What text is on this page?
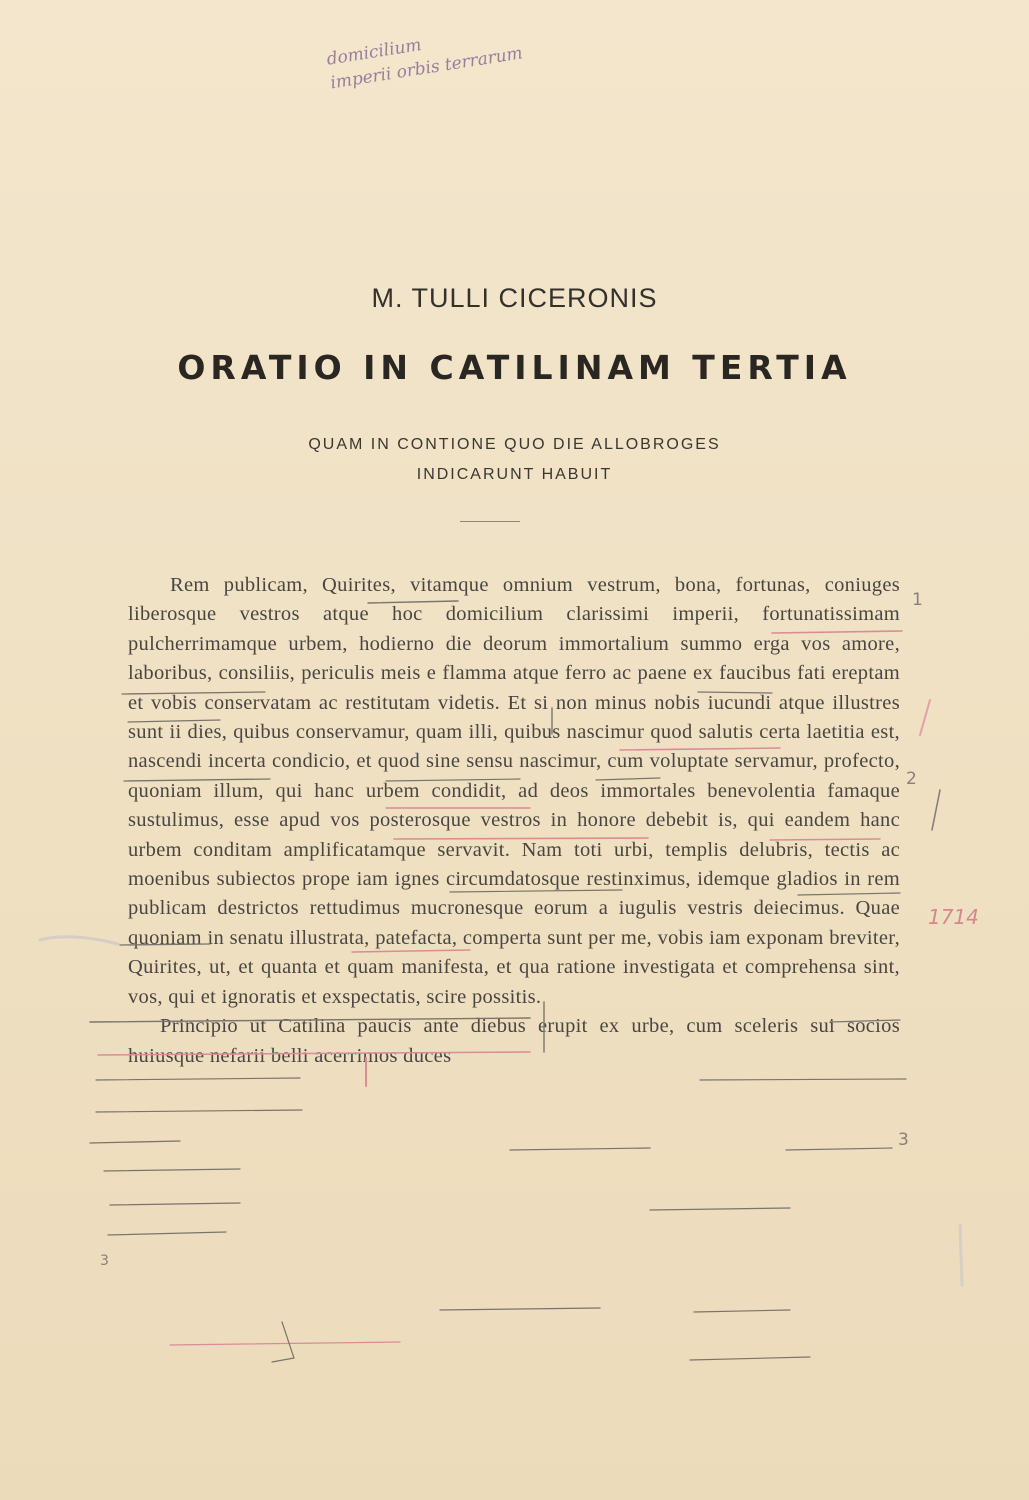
domicilium
imperii orbis terrarum
M. TULLI CICERONIS
ORATIO IN CATILINAM TERTIA
QUAM IN CONTIONE QUO DIE ALLOBROGES
INDICARUNT HABUIT

Rem publicam, Quirites, vitamque omnium vestrum, bona, fortunas, coniuges liberosque vestros atque hoc domicilium clarissimi imperii, fortunatissimam pulcherrimamque urbem, hodierno die deorum immortalium summo erga vos amore, laboribus, consiliis, periculis meis e flamma atque ferro ac paene ex faucibus fati ereptam et vobis conservatam ac restitutam videtis. Et si non minus nobis iucundi atque illustres sunt ii dies, quibus conservamur, quam illi, quibus nascimur quod salutis certa laetitia est, nascendi incerta condicio, et quod sine sensu nascimur, cum voluptate servamur, profecto, quoniam illum, qui hanc urbem condidit, ad deos immortales benevolentia famaque sustulimus, esse apud vos posterosque vestros in honore debebit is, qui eandem hanc urbem conditam amplificatamque servavit. Nam toti urbi, templis delubris, tectis ac moenibus subiectos prope iam ignes circumdatosque restinximus, idemque gladios in rem publicam destrictos rettudimus mucronesque eorum a iugulis vestris deiecimus. Quae quoniam in senatu illustrata, patefacta, comperta sunt per me, vobis iam exponam breviter, Quirites, ut, et quanta et quam manifesta, et qua ratione investigata et comprehensa sint, vos, qui et ignoratis et exspectatis, scire possitis.

Principio ut Catilina paucis ante diebus erupit ex urbe, cum sceleris sui socios huiusque nefarii belli acerrimos duces

1
2
3
3
1714
